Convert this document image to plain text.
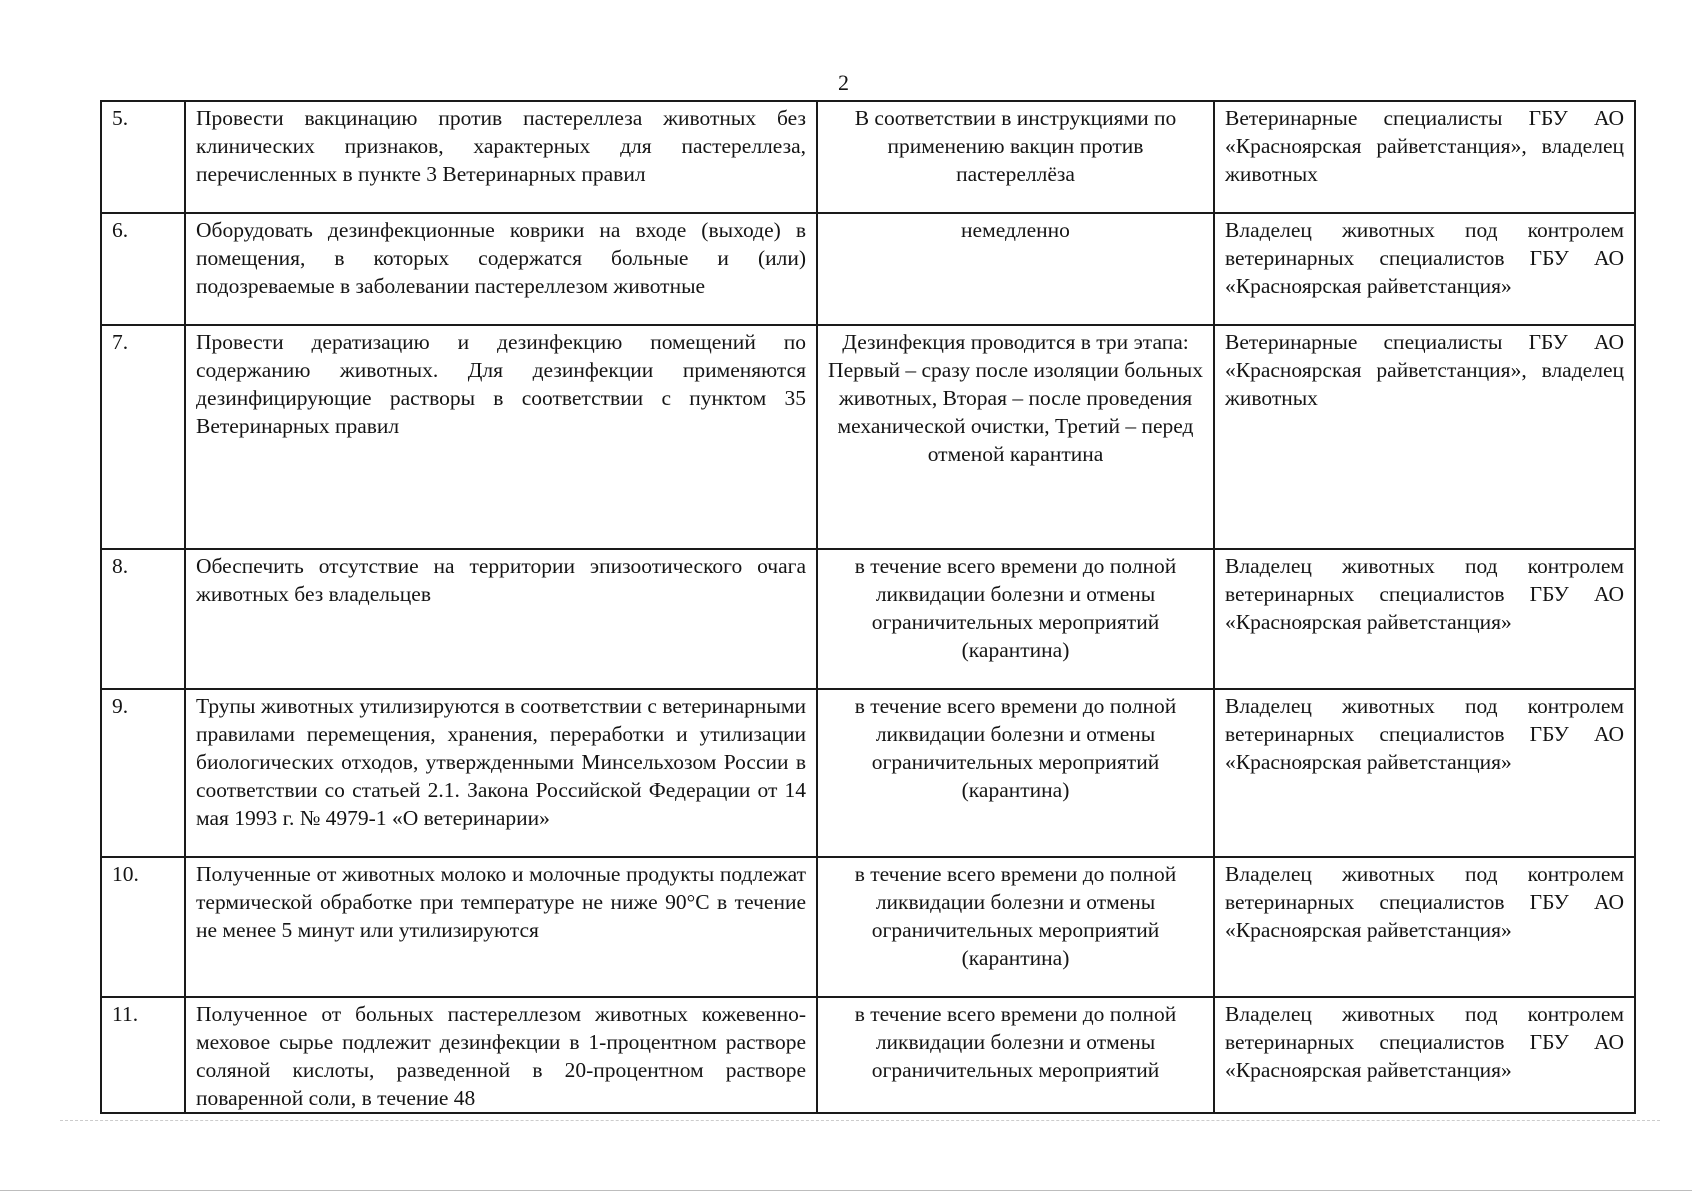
2
5.	Провести вакцинацию против пастереллеза животных без клинических признаков, характерных для пастереллеза, перечисленных в пункте 3 Ветеринарных правил	В соответствии в инструкциями по применению вакцин против пастереллёза	Ветеринарные специалисты ГБУ АО «Красноярская райветстанция», владелец животных
6.	Оборудовать дезинфекционные коврики на входе (выходе) в помещения, в которых содержатся больные и (или) подозреваемые в заболевании пастереллезом животные	немедленно	Владелец животных под контролем ветеринарных специалистов ГБУ АО «Красноярская райветстанция»
7.	Провести дератизацию и дезинфекцию помещений по содержанию животных. Для дезинфекции применяются дезинфицирующие растворы в соответствии с пунктом 35 Ветеринарных правил	Дезинфекция проводится в три этапа: Первый – сразу после изоляции больных животных, Вторая – после проведения механической очистки, Третий – перед отменой карантина	Ветеринарные специалисты ГБУ АО «Красноярская райветстанция», владелец животных
8.	Обеспечить отсутствие на территории эпизоотического очага животных без владельцев	в течение всего времени до полной ликвидации болезни и отмены ограничительных мероприятий (карантина)	Владелец животных под контролем ветеринарных специалистов ГБУ АО «Красноярская райветстанция»
9.	Трупы животных утилизируются в соответствии с ветеринарными правилами перемещения, хранения, переработки и утилизации биологических отходов, утвержденными Минсельхозом России в соответствии со статьей 2.1. Закона Российской Федерации от 14 мая 1993 г. № 4979-1 «О ветеринарии»	в течение всего времени до полной ликвидации болезни и отмены ограничительных мероприятий (карантина)	Владелец животных под контролем ветеринарных специалистов ГБУ АО «Красноярская райветстанция»
10.	Полученные от животных молоко и молочные продукты подлежат термической обработке при температуре не ниже 90°С в течение не менее 5 минут или утилизируются	в течение всего времени до полной ликвидации болезни и отмены ограничительных мероприятий (карантина)	Владелец животных под контролем ветеринарных специалистов ГБУ АО «Красноярская райветстанция»
11.	Полученное от больных пастереллезом животных кожевенно-меховое сырье подлежит дезинфекции в 1-процентном растворе соляной кислоты, разведенной в 20-процентном растворе поваренной соли, в течение 48	в течение всего времени до полной ликвидации болезни и отмены ограничительных мероприятий	Владелец животных под контролем ветеринарных специалистов ГБУ АО «Красноярская райветстанция»
